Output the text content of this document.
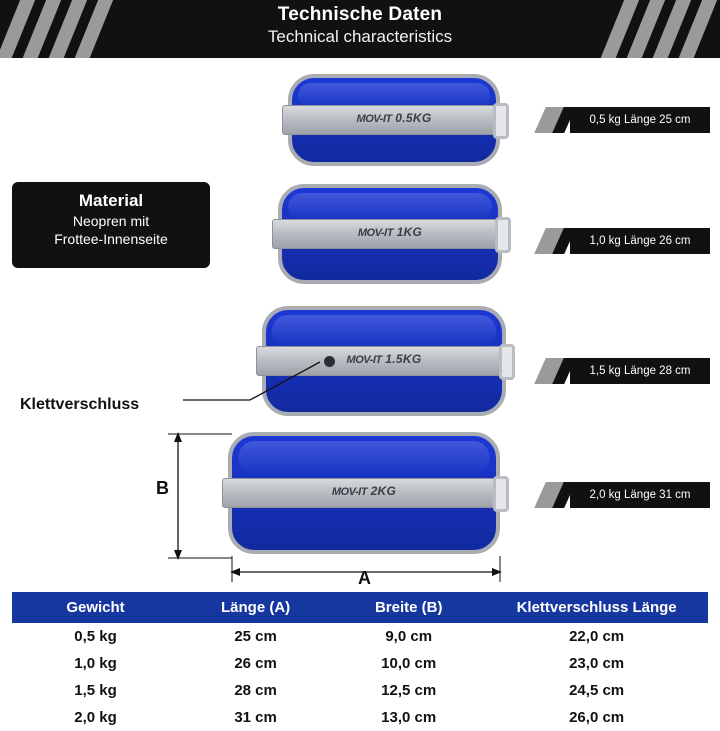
Technische Daten
Technical characteristics
Material
Neopren mit
Frottee-Innenseite
MOV-IT 0.5KG
MOV-IT 1KG
MOV-IT 1.5KG
MOV-IT 2KG
0,5 kg Länge 25 cm
1,0 kg Länge 26 cm
1,5 kg Länge 28 cm
2,0 kg Länge 31 cm
Klettverschluss
B
A
Gewicht	Länge (A)	Breite (B)	Klettverschluss Länge
0,5 kg	25 cm	9,0 cm	22,0 cm
1,0 kg	26 cm	10,0 cm	23,0 cm
1,5 kg	28 cm	12,5 cm	24,5 cm
2,0 kg	31 cm	13,0 cm	26,0 cm
